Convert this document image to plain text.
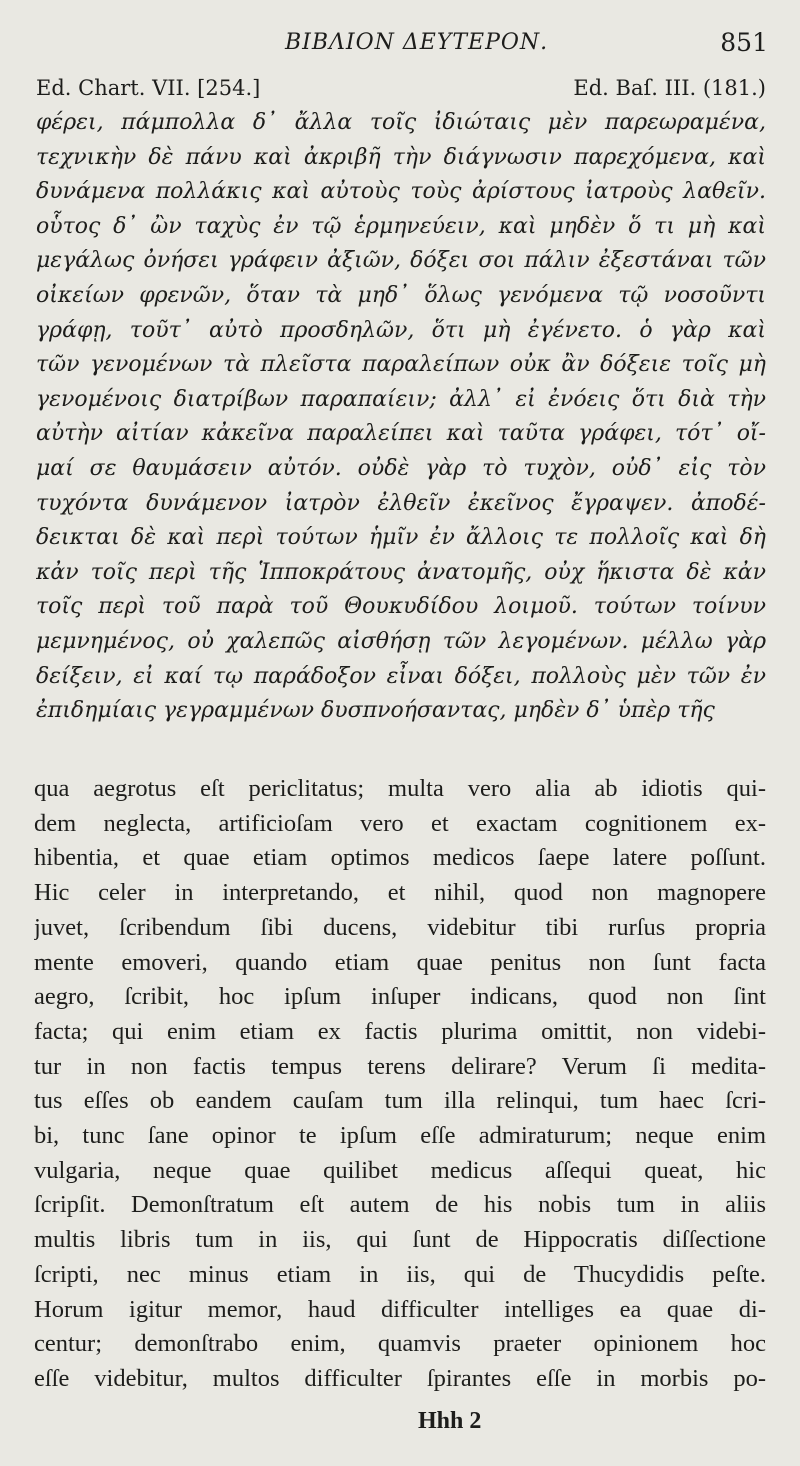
ΒΙΒΛΙΟΝ ΔΕΥΤΕΡΟΝ.	851
Ed. Chart. VII. [254.]	Ed. Baſ. III. (181.)
φέρει, πάμπολλα δ᾽ ἄλλα τοῖς ἰδιώταις μὲν παρεωραμένα,
τεχνικὴν δὲ πάνυ καὶ ἀκριβῆ τὴν διάγνωσιν παρεχόμενα, καὶ
δυνάμενα πολλάκις καὶ αὐτοὺς τοὺς ἀρίστους ἰατροὺς λαθεῖν.
οὗτος δ᾽ ὢν ταχὺς ἐν τῷ ἑρμηνεύειν, καὶ μηδὲν ὅ τι μὴ καὶ
μεγάλως ὀνήσει γράφειν ἀξιῶν, δόξει σοι πάλιν ἐξεστάναι τῶν
οἰκείων φρενῶν, ὅταν τὰ μηδ᾽ ὅλως γενόμενα τῷ νοσοῦντι
γράφῃ, τοῦτ᾽ αὐτὸ προσδηλῶν, ὅτι μὴ ἐγένετο. ὁ γὰρ καὶ
τῶν γενομένων τὰ πλεῖστα παραλείπων οὐκ ἂν δόξειε τοῖς μὴ
γενομένοις διατρίβων παραπαίειν; ἀλλ᾽ εἰ ἐνόεις ὅτι διὰ τὴν
αὐτὴν αἰτίαν κἀκεῖνα παραλείπει καὶ ταῦτα γράφει, τότ᾽ οἴ-
μαί σε θαυμάσειν αὐτόν. οὐδὲ γὰρ τὸ τυχὸν, οὐδ᾽ εἰς τὸν
τυχόντα δυνάμενον ἰατρὸν ἐλθεῖν ἐκεῖνος ἔγραψεν. ἀποδέ-
δεικται δὲ καὶ περὶ τούτων ἡμῖν ἐν ἄλλοις τε πολλοῖς καὶ δὴ
κἀν τοῖς περὶ τῆς Ἱπποκράτους ἀνατομῆς, οὐχ ἥκιστα δὲ κἀν
τοῖς περὶ τοῦ παρὰ τοῦ Θουκυδίδου λοιμοῦ. τούτων τοίνυν
μεμνημένος, οὐ χαλεπῶς αἰσθήσῃ τῶν λεγομένων. μέλλω γὰρ
δείξειν, εἰ καί τῳ παράδοξον εἶναι δόξει, πολλοὺς μὲν τῶν ἐν
ἐπιδημίαις γεγραμμένων δυσπνοήσαντας, μηδὲν δ᾽ ὑπὲρ τῆς
qua aegrotus eſt periclitatus; multa vero alia ab idiotis qui-
dem neglecta, artificioſam vero et exactam cognitionem ex-
hibentia, et quae etiam optimos medicos ſaepe latere poſſunt.
Hic celer in interpretando, et nihil, quod non magnopere
juvet, ſcribendum ſibi ducens, videbitur tibi rurſus propria
mente emoveri, quando etiam quae penitus non ſunt facta
aegro, ſcribit, hoc ipſum inſuper indicans, quod non ſint
facta; qui enim etiam ex factis plurima omittit, non videbi-
tur in non factis tempus terens delirare? Verum ſi medita-
tus eſſes ob eandem cauſam tum illa relinqui, tum haec ſcri-
bi, tunc ſane opinor te ipſum eſſe admiraturum; neque enim
vulgaria, neque quae quilibet medicus aſſequi queat, hic
ſcripſit. Demonſtratum eſt autem de his nobis tum in aliis
multis libris tum in iis, qui ſunt de Hippocratis diſſectione
ſcripti, nec minus etiam in iis, qui de Thucydidis peſte.
Horum igitur memor, haud difficulter intelliges ea quae di-
centur; demonſtrabo enim, quamvis praeter opinionem hoc
eſſe videbitur, multos difficulter ſpirantes eſſe in morbis po-
Hhh 2
